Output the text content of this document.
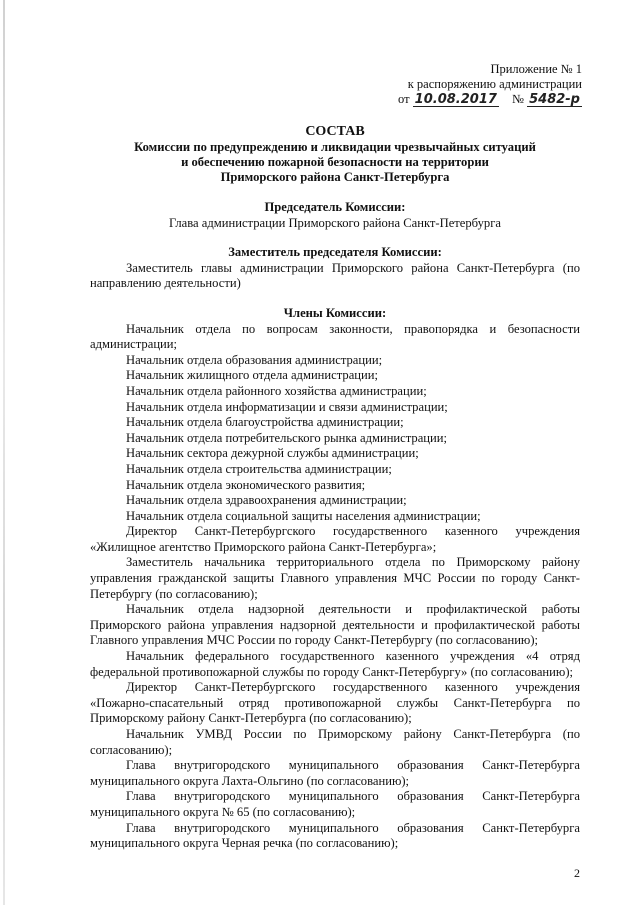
Приложение № 1
к распоряжению администрации
от 10.08.2017 № 5482-р
СОСТАВ
Комиссии по предупреждению и ликвидации чрезвычайных ситуаций
и обеспечению пожарной безопасности на территории
Приморского района Санкт-Петербурга
Председатель Комиссии:

Глава администрации Приморского района Санкт-Петербурга

Заместитель председателя Комиссии:

Заместитель главы администрации Приморского района Санкт-Петербурга (по направлению деятельности)

Члены Комиссии:

Начальник отдела по вопросам законности, правопорядка и безопасности администрации;

Начальник отдела образования администрации;

Начальник жилищного отдела администрации;

Начальник отдела районного хозяйства администрации;

Начальник отдела информатизации и связи администрации;

Начальник отдела благоустройства администрации;

Начальник отдела потребительского рынка администрации;

Начальник сектора дежурной службы администрации;

Начальник отдела строительства администрации;

Начальник отдела экономического развития;

Начальник отдела здравоохранения администрации;

Начальник отдела социальной защиты населения администрации;

Директор Санкт-Петербургского государственного казенного учреждения «Жилищное агентство Приморского района Санкт-Петербурга»;

Заместитель начальника территориального отдела по Приморскому району управления гражданской защиты Главного управления МЧС России по городу Санкт-Петербургу (по согласованию);

Начальник отдела надзорной деятельности и профилактической работы Приморского района управления надзорной деятельности и профилактической работы Главного управления МЧС России по городу Санкт-Петербургу (по согласованию);

Начальник федерального государственного казенного учреждения «4 отряд федеральной противопожарной службы по городу Санкт-Петербургу» (по согласованию);

Директор Санкт-Петербургского государственного казенного учреждения «Пожарно-спасательный отряд противопожарной службы Санкт-Петербурга по Приморскому району Санкт-Петербурга (по согласованию);

Начальник УМВД России по Приморскому району Санкт-Петербурга (по согласованию);

Глава внутригородского муниципального образования Санкт-Петербурга муниципального округа Лахта-Ольгино (по согласованию);

Глава внутригородского муниципального образования Санкт-Петербурга муниципального округа № 65 (по согласованию);

Глава внутригородского муниципального образования Санкт-Петербурга муниципального округа Черная речка (по согласованию);

2
